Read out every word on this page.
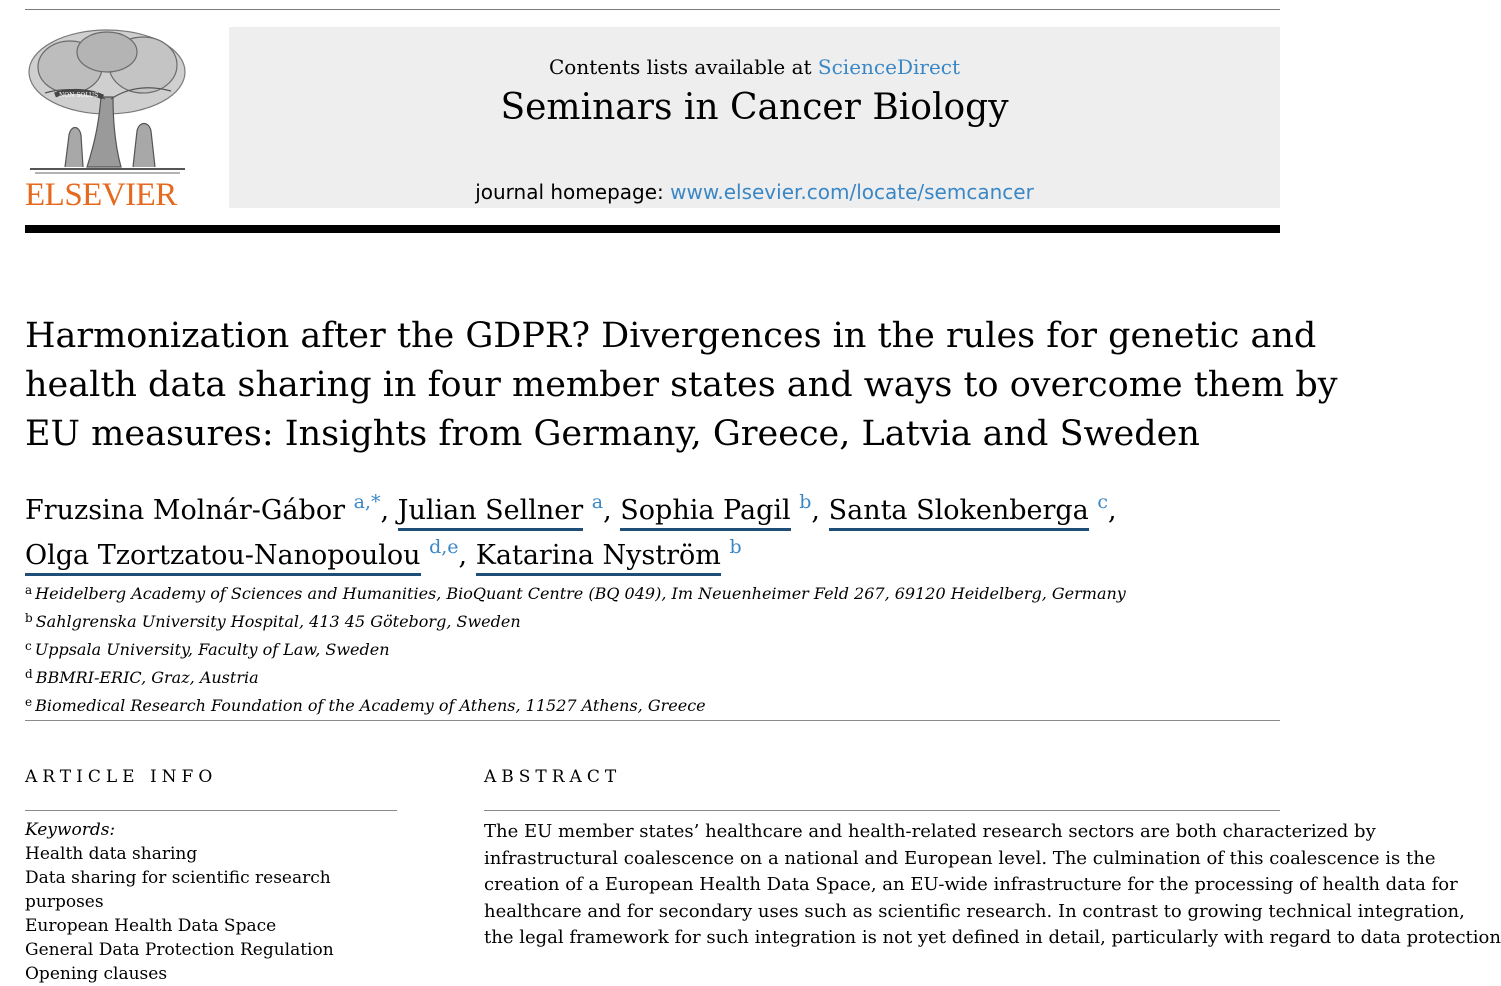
NON SOLUS
ELSEVIER
Contents lists available at ScienceDirect
Seminars in Cancer Biology
journal homepage: www.elsevier.com/locate/semcancer
Harmonization after the GDPR? Divergences in the rules for genetic and
health data sharing in four member states and ways to overcome them by
EU measures: Insights from Germany, Greece, Latvia and Sweden
Fruzsina Molnár-Gábor $^{a,*}$, Julian Sellner $^a$, Sophia Pagil $^b$, Santa Slokenberga $^c$,
Olga Tzortzatou-Nanopoulou $^{d,e}$, Katarina Nyström $^b$
$^a$ Heidelberg Academy of Sciences and Humanities, BioQuant Centre (BQ 049), Im Neuenheimer Feld 267, 69120 Heidelberg, Germany
$^b$ Sahlgrenska University Hospital, 413 45 Göteborg, Sweden
$^c$ Uppsala University, Faculty of Law, Sweden
$^d$ BBMRI-ERIC, Graz, Austria
$^e$ Biomedical Research Foundation of the Academy of Athens, 11527 Athens, Greece
ARTICLE INFO
Keywords:
Health data sharing
Data sharing for scientific research purposes
European Health Data Space
General Data Protection Regulation
Opening clauses
ABSTRACT
The EU member states’ healthcare and health-related research sectors are both characterized by
infrastructural coalescence on a national and European level. The culmination of this coalescence is the
creation of a European Health Data Space, an EU-wide infrastructure for the processing of health data for
healthcare and for secondary uses such as scientific research. In contrast to growing technical integration,
the legal framework for such integration is not yet defined in detail, particularly with regard to data protection
